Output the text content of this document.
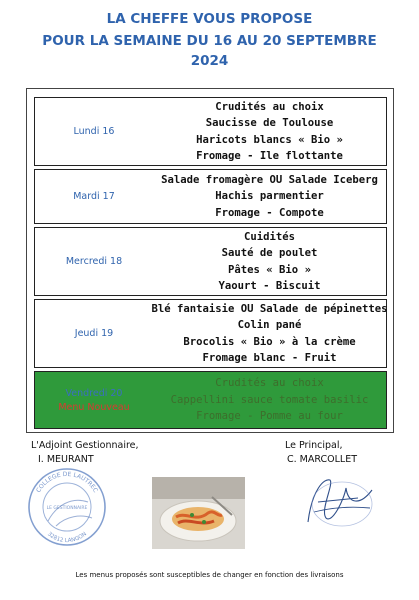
LA CHEFFE VOUS PROPOSE
POUR LA SEMAINE DU 16 AU 20 SEPTEMBRE
2024
Lundi 16
Crudités au choix
Saucisse de Toulouse
Haricots blancs « Bio »
Fromage - Ile flottante
Mardi 17
Salade fromagère OU Salade Iceberg
Hachis parmentier
Fromage - Compote
Mercredi 18
Cuidités
Sauté de poulet
Pâtes « Bio »
Yaourt - Biscuit
Jeudi 19
Blé fantaisie OU Salade de pépinettes
Colin pané
Brocolis « Bio » à la crème
Fromage blanc - Fruit
Vendredi 20
Menu Nouveau
Crudités au choix
Cappellini sauce tomate basilic
Fromage - Pomme au four
L'Adjoint Gestionnaire,
I. MEURANT
Le Principal,
C. MARCOLLET
COLLEGE DE LAUTREC
LE GESTIONNAIRE
32812 LANGON
Les menus proposés sont susceptibles de changer en fonction des livraisons
